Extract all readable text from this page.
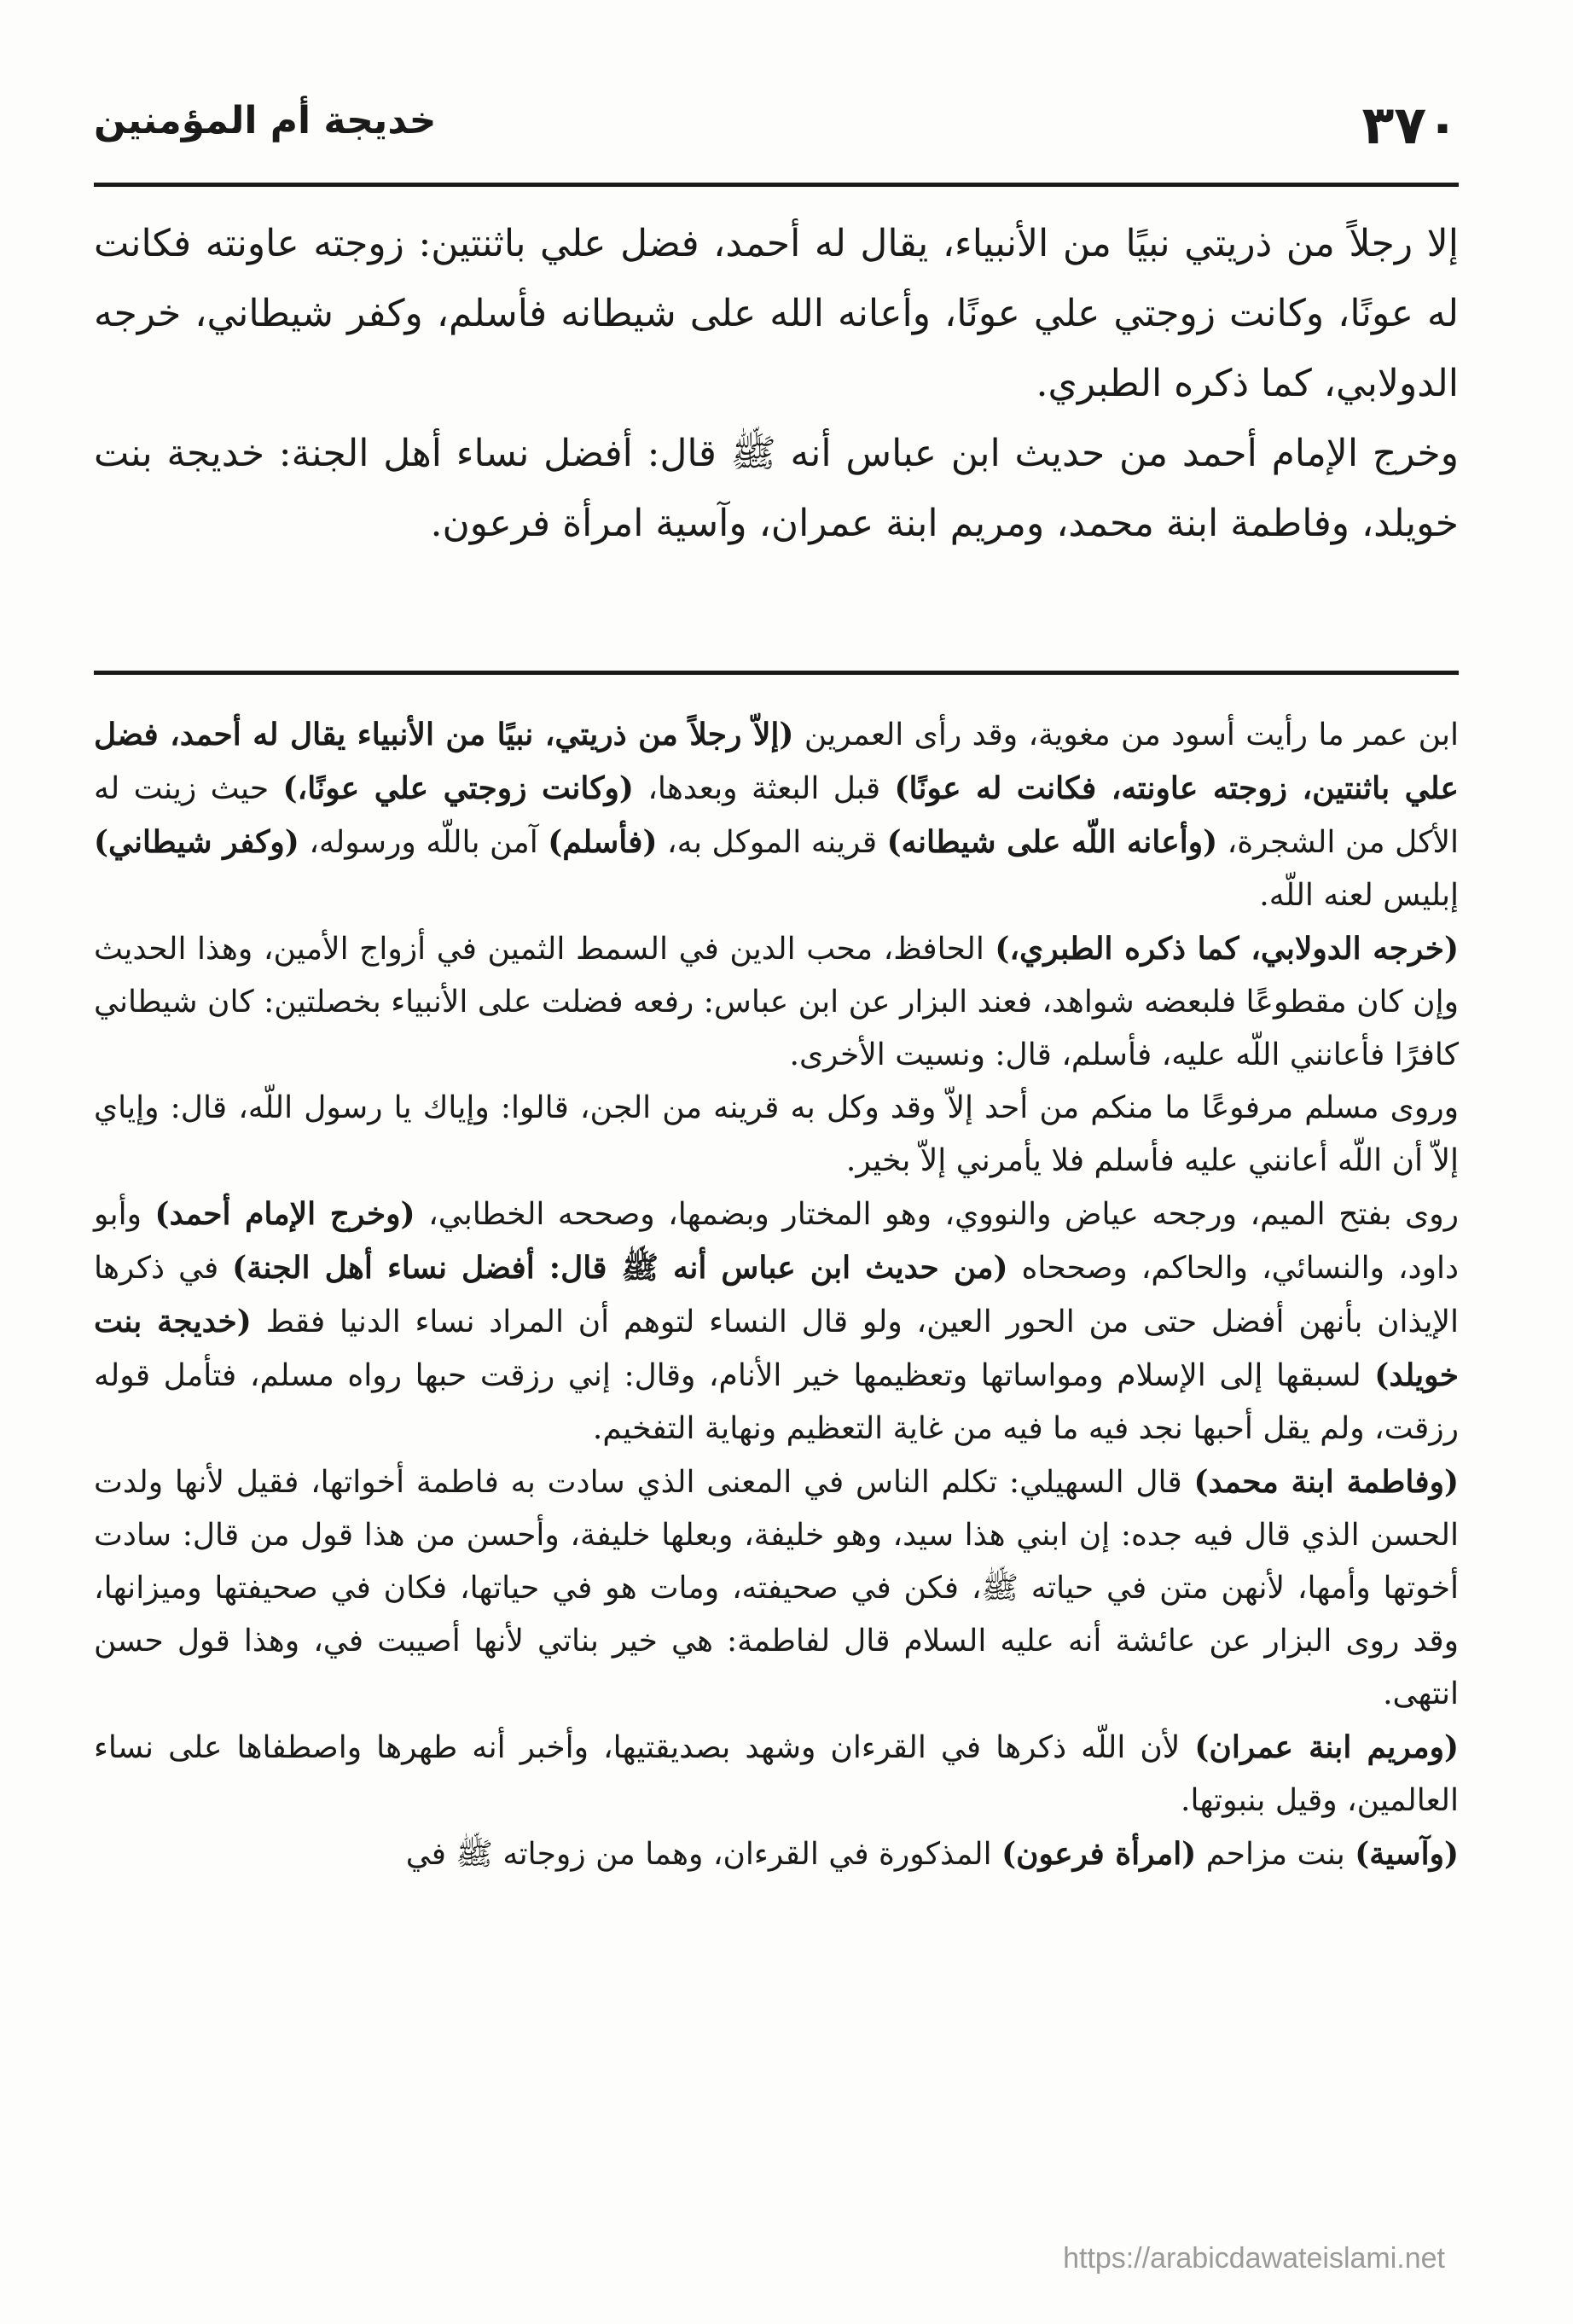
٣٧٠
خديجة أم المؤمنين

إلا رجلاً من ذريتي نبيًا من الأنبياء، يقال له أحمد، فضل علي باثنتين: زوجته عاونته فكانت له عونًا، وكانت زوجتي علي عونًا، وأعانه الله على شيطانه فأسلم، وكفر شيطاني، خرجه الدولابي، كما ذكره الطبري.

وخرج الإمام أحمد من حديث ابن عباس أنه ﷺ قال: أفضل نساء أهل الجنة: خديجة بنت خويلد، وفاطمة ابنة محمد، ومريم ابنة عمران، وآسية امرأة فرعون.

ابن عمر ما رأيت أسود من مغوية، وقد رأى العمرين (إلاّ رجلاً من ذريتي، نبيًا من الأنبياء يقال له أحمد، فضل علي باثنتين، زوجته عاونته، فكانت له عونًا) قبل البعثة وبعدها، (وكانت زوجتي علي عونًا،) حيث زينت له الأكل من الشجرة، (وأعانه اللّه على شيطانه) قرينه الموكل به، (فأسلم) آمن باللّه ورسوله، (وكفر شيطاني) إبليس لعنه اللّه.

(خرجه الدولابي، كما ذكره الطبري،) الحافظ، محب الدين في السمط الثمين في أزواج الأمين، وهذا الحديث وإن كان مقطوعًا فلبعضه شواهد، فعند البزار عن ابن عباس: رفعه فضلت على الأنبياء بخصلتين: كان شيطاني كافرًا فأعانني اللّه عليه، فأسلم، قال: ونسيت الأخرى.

وروى مسلم مرفوعًا ما منكم من أحد إلاّ وقد وكل به قرينه من الجن، قالوا: وإياك يا رسول اللّه، قال: وإياي إلاّ أن اللّه أعانني عليه فأسلم فلا يأمرني إلاّ بخير.

روى بفتح الميم، ورجحه عياض والنووي، وهو المختار وبضمها، وصححه الخطابي، (وخرج الإمام أحمد) وأبو داود، والنسائي، والحاكم، وصححاه (من حديث ابن عباس أنه ﷺ قال: أفضل نساء أهل الجنة) في ذكرها الإيذان بأنهن أفضل حتى من الحور العين، ولو قال النساء لتوهم أن المراد نساء الدنيا فقط (خديجة بنت خويلد) لسبقها إلى الإسلام ومواساتها وتعظيمها خير الأنام، وقال: إني رزقت حبها رواه مسلم، فتأمل قوله رزقت، ولم يقل أحبها نجد فيه ما فيه من غاية التعظيم ونهاية التفخيم.

(وفاطمة ابنة محمد) قال السهيلي: تكلم الناس في المعنى الذي سادت به فاطمة أخواتها، فقيل لأنها ولدت الحسن الذي قال فيه جده: إن ابني هذا سيد، وهو خليفة، وبعلها خليفة، وأحسن من هذا قول من قال: سادت أخوتها وأمها، لأنهن متن في حياته ﷺ، فكن في صحيفته، ومات هو في حياتها، فكان في صحيفتها وميزانها، وقد روى البزار عن عائشة أنه عليه السلام قال لفاطمة: هي خير بناتي لأنها أصيبت في، وهذا قول حسن انتهى.

(ومريم ابنة عمران) لأن اللّه ذكرها في القرءان وشهد بصديقتيها، وأخبر أنه طهرها واصطفاها على نساء العالمين، وقيل بنبوتها.

(وآسية) بنت مزاحم (امرأة فرعون) المذكورة في القرءان، وهما من زوجاته ﷺ في

https://arabicdawateislami.net
